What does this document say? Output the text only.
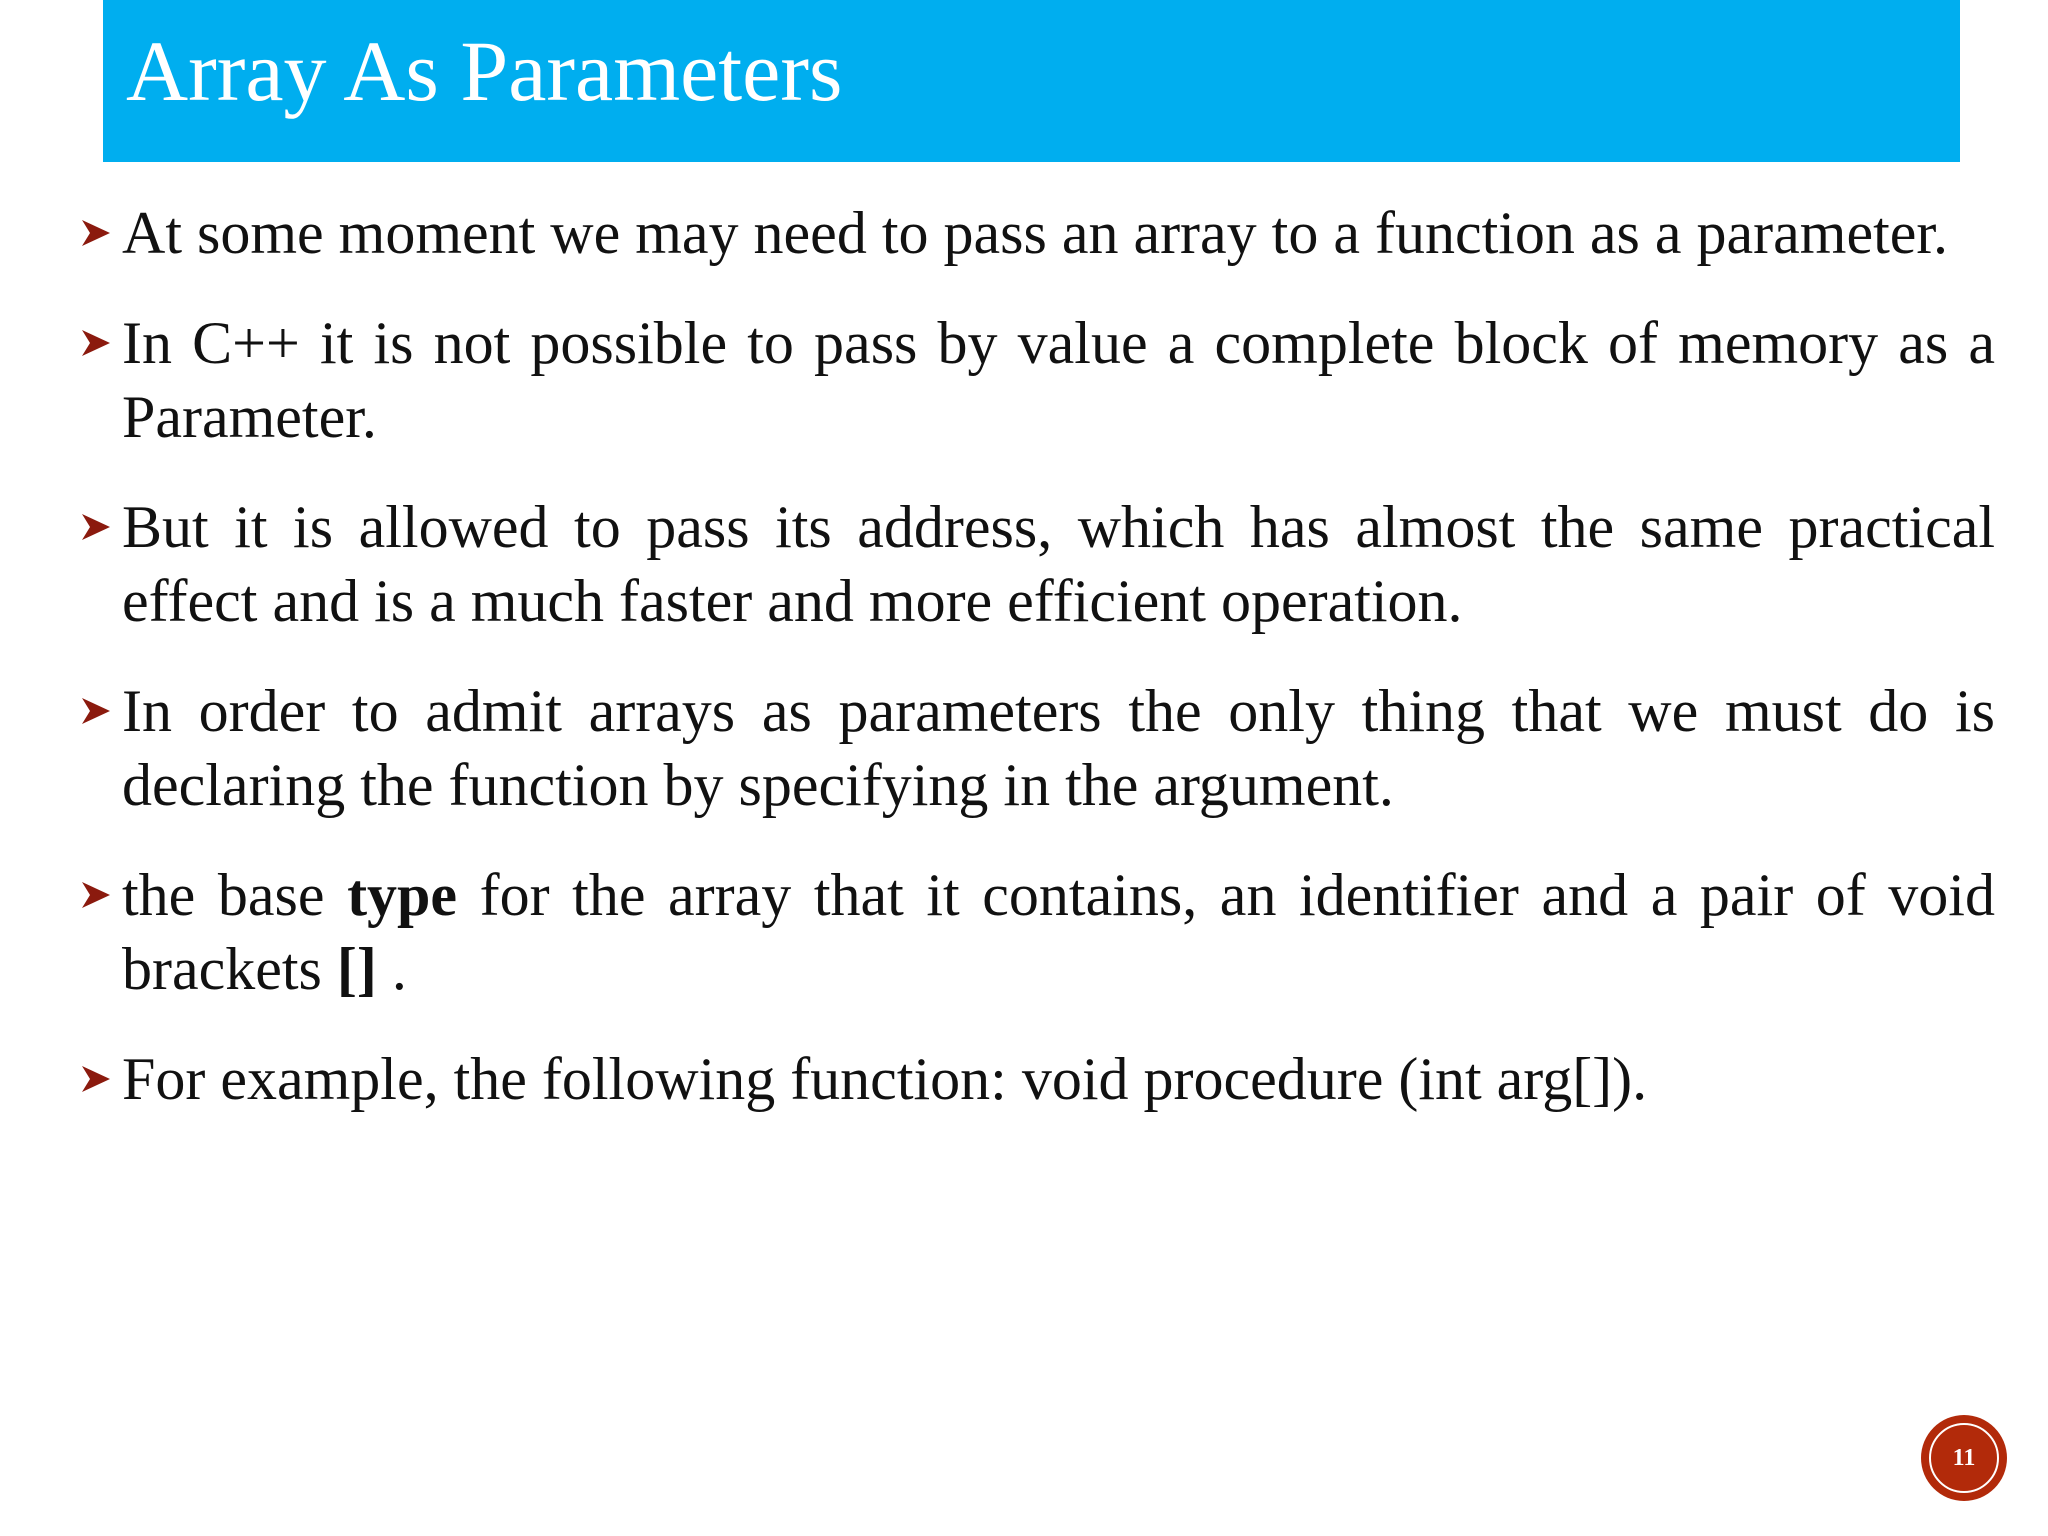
Array As Parameters
At some moment we may need to pass an array to a function as a parameter.
In C++ it is not possible to pass by value a complete block of memory as a Parameter.
But it is allowed to pass its address, which has almost the same practical effect and is a much faster and more efficient operation.
In order to admit arrays as parameters the only thing that we must do is declaring the function by specifying in the argument.
the base type for the array that it contains, an identifier and a pair of void brackets [] .
For example, the following function: void procedure (int arg[]).
11
